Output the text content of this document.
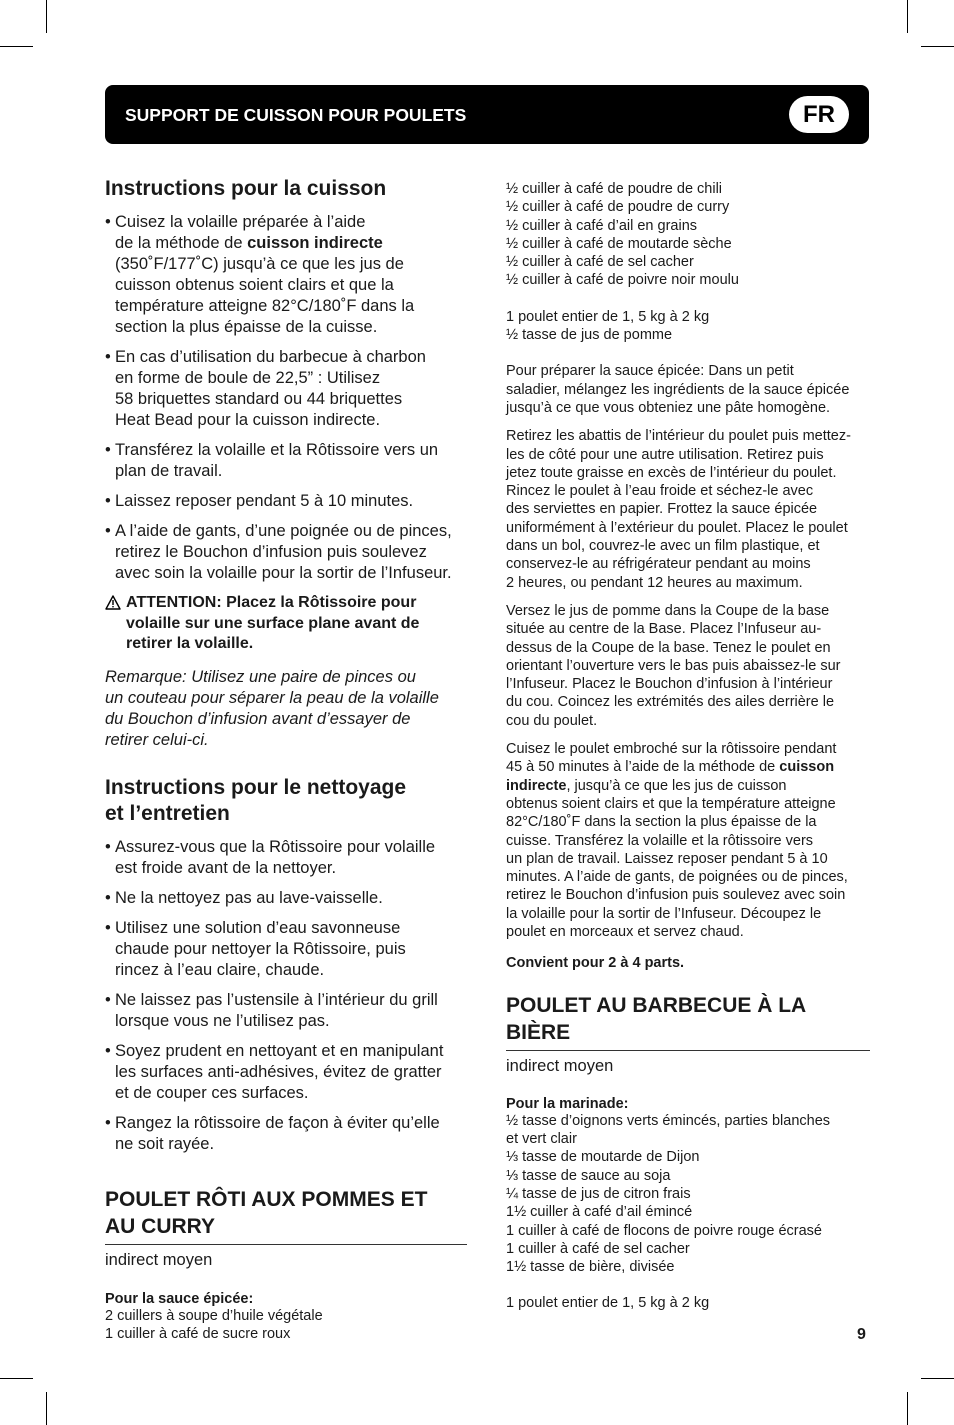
SUPPORT DE CUISSON POUR POULETS	FR
Instructions pour la cuisson
• Cuisez la volaille préparée à l’aide
de la méthode de cuisson indirecte
(350˚F/177˚C) jusqu’à ce que les jus de
cuisson obtenus soient clairs et que la
température atteigne 82°C/180˚F dans la
section la plus épaisse de la cuisse.
• En cas d’utilisation du barbecue à charbon
en forme de boule de 22,5” : Utilisez
58 briquettes standard ou 44 briquettes
Heat Bead pour la cuisson indirecte.
• Transférez la volaille et la Rôtissoire vers un
plan de travail.
• Laissez reposer pendant 5 à 10 minutes.
• A l’aide de gants, d’une poignée ou de pinces,
retirez le Bouchon d’infusion puis soulevez
avec soin la volaille pour la sortir de l’Infuseur.
ATTENTION: Placez la Rôtissoire pour
volaille sur une surface plane avant de
retirer la volaille.
Remarque: Utilisez une paire de pinces ou
un couteau pour séparer la peau de la volaille
du Bouchon d’infusion avant d’essayer de
retirer celui-ci.
Instructions pour le nettoyage
et l’entretien
• Assurez-vous que la Rôtissoire pour volaille
est froide avant de la nettoyer.
• Ne la nettoyez pas au lave-vaisselle.
• Utilisez une solution d’eau savonneuse
chaude pour nettoyer la Rôtissoire, puis
rincez à l’eau claire, chaude.
• Ne laissez pas l’ustensile à l’intérieur du grill
lorsque vous ne l’utilisez pas.
• Soyez prudent en nettoyant et en manipulant
les surfaces anti-adhésives, évitez de gratter
et de couper ces surfaces.
• Rangez la rôtissoire de façon à éviter qu’elle
ne soit rayée.
POULET RÔTI AUX POMMES ET
AU CURRY
indirect moyen
Pour la sauce épicée:
2 cuillers à soupe d’huile végétale
1 cuiller à café de sucre roux
½ cuiller à café de poudre de chili
½ cuiller à café de poudre de curry
½ cuiller à café d’ail en grains
½ cuiller à café de moutarde sèche
½ cuiller à café de sel cacher
½ cuiller à café de poivre noir moulu
1 poulet entier de 1, 5 kg à 2 kg
½ tasse de jus de pomme

Pour préparer la sauce épicée: Dans un petit
saladier, mélangez les ingrédients de la sauce épicée
jusqu’à ce que vous obteniez une pâte homogène.

Retirez les abattis de l’intérieur du poulet puis mettez-
les de côté pour une autre utilisation. Retirez puis
jetez toute graisse en excès de l’intérieur du poulet.
Rincez le poulet à l’eau froide et séchez-le avec
des serviettes en papier. Frottez la sauce épicée
uniformément à l’extérieur du poulet. Placez le poulet
dans un bol, couvrez-le avec un film plastique, et
conservez-le au réfrigérateur pendant au moins
2 heures, ou pendant 12 heures au maximum.

Versez le jus de pomme dans la Coupe de la base
située au centre de la Base. Placez l’Infuseur au-
dessus de la Coupe de la base. Tenez le poulet en
orientant l’ouverture vers le bas puis abaissez-le sur
l’Infuseur. Placez le Bouchon d’infusion à l’intérieur
du cou. Coincez les extrémités des ailes derrière le
cou du poulet.

Cuisez le poulet embroché sur la rôtissoire pendant
45 à 50 minutes à l’aide de la méthode de cuisson
indirecte, jusqu’à ce que les jus de cuisson
obtenus soient clairs et que la température atteigne
82°C/180˚F dans la section la plus épaisse de la
cuisse. Transférez la volaille et la rôtissoire vers
un plan de travail. Laissez reposer pendant 5 à 10
minutes. A l’aide de gants, de poignées ou de pinces,
retirez le Bouchon d’infusion puis soulevez avec soin
la volaille pour la sortir de l’Infuseur. Découpez le
poulet en morceaux et servez chaud.

Convient pour 2 à 4 parts.
POULET AU BARBECUE À LA BIÈRE
indirect moyen
Pour la marinade:
½ tasse d’oignons verts émincés, parties blanches
et vert clair
⅓ tasse de moutarde de Dijon
⅓ tasse de sauce au soja
¼ tasse de jus de citron frais
1½ cuiller à café d’ail émincé
1 cuiller à café de flocons de poivre rouge écrasé
1 cuiller à café de sel cacher
1½ tasse de bière, divisée
1 poulet entier de 1, 5 kg à 2 kg
9
